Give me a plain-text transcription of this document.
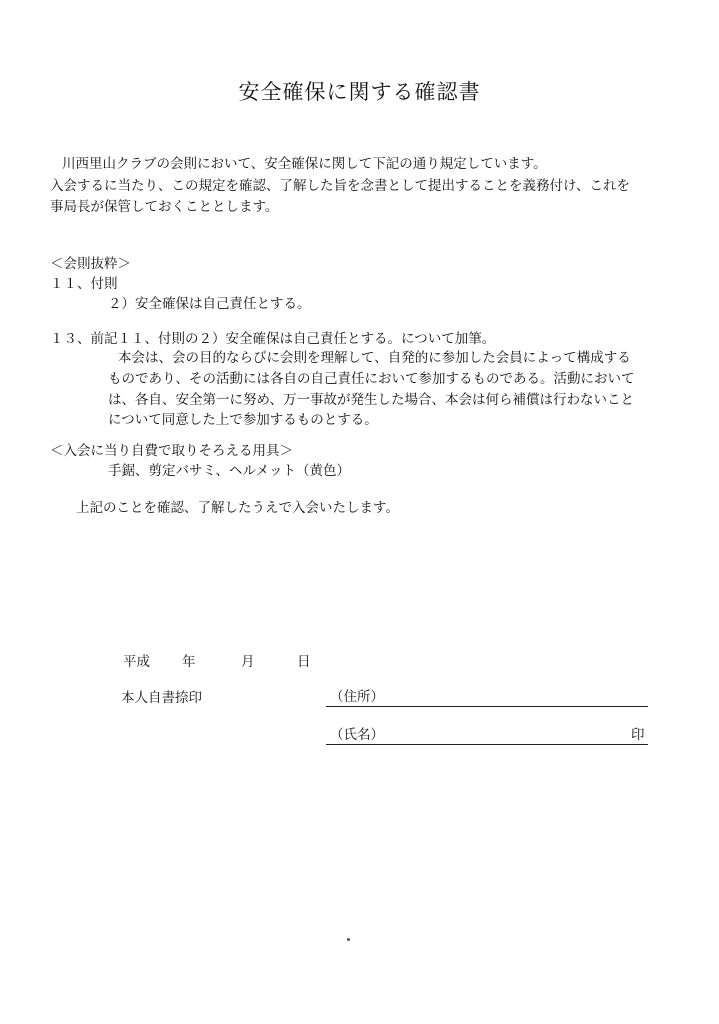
安全確保に関する確認書
川西里山クラブの会則において、安全確保に関して下記の通り規定しています。
入会するに当たり、この規定を確認、了解した旨を念書として提出することを義務付け、これを
事局長が保管しておくこととします。
＜会則抜粋＞
１１、付則
２）安全確保は自己責任とする。
１３、前記１１、付則の２）安全確保は自己責任とする。について加筆。
本会は、会の目的ならびに会則を理解して、自発的に参加した会員によって構成する
ものであり、その活動には各自の自己責任において参加するものである。活動において
は、各自、安全第一に努め、万一事故が発生した場合、本会は何ら補償は行わないこと
について同意した上で参加するものとする。
＜入会に当り自費で取りそろえる用具＞
手鋸、剪定バサミ、ヘルメット（黄色）
上記のことを確認、了解したうえで入会いたします。
平成 年	月	日
本人自書捺印	（住所）
（氏名）	印
